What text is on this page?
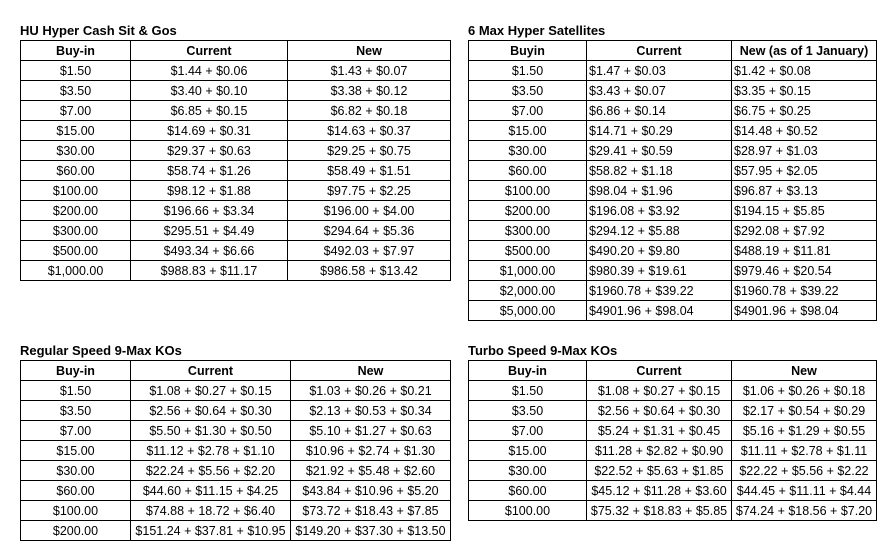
HU Hyper Cash Sit & Gos
Buy-in	Current	New
$1.50	$1.44 + $0.06	$1.43 + $0.07
$3.50	$3.40 + $0.10	$3.38 + $0.12
$7.00	$6.85 + $0.15	$6.82 + $0.18
$15.00	$14.69 + $0.31	$14.63 + $0.37
$30.00	$29.37 + $0.63	$29.25 + $0.75
$60.00	$58.74 + $1.26	$58.49 + $1.51
$100.00	$98.12 + $1.88	$97.75 + $2.25
$200.00	$196.66 + $3.34	$196.00 + $4.00
$300.00	$295.51 + $4.49	$294.64 + $5.36
$500.00	$493.34 + $6.66	$492.03 + $7.97
$1,000.00	$988.83 + $11.17	$986.58 + $13.42
6 Max Hyper Satellites
Buyin	Current	New (as of 1 January)
$1.50	$1.47 + $0.03	$1.42 + $0.08
$3.50	$3.43 + $0.07	$3.35 + $0.15
$7.00	$6.86 + $0.14	$6.75 + $0.25
$15.00	$14.71 + $0.29	$14.48 + $0.52
$30.00	$29.41 + $0.59	$28.97 + $1.03
$60.00	$58.82 + $1.18	$57.95 + $2.05
$100.00	$98.04 + $1.96	$96.87 + $3.13
$200.00	$196.08 + $3.92	$194.15 + $5.85
$300.00	$294.12 + $5.88	$292.08 + $7.92
$500.00	$490.20 + $9.80	$488.19 + $11.81
$1,000.00	$980.39 + $19.61	$979.46 + $20.54
$2,000.00	$1960.78 + $39.22	$1960.78 + $39.22
$5,000.00	$4901.96 + $98.04	$4901.96 + $98.04
Regular Speed 9-Max KOs
Buy-in	Current	New
$1.50	$1.08 + $0.27 + $0.15	$1.03 + $0.26 + $0.21
$3.50	$2.56 + $0.64 + $0.30	$2.13 + $0.53 + $0.34
$7.00	$5.50 + $1.30 + $0.50	$5.10 + $1.27 + $0.63
$15.00	$11.12 + $2.78 + $1.10	$10.96 + $2.74 + $1.30
$30.00	$22.24 + $5.56 + $2.20	$21.92 + $5.48 + $2.60
$60.00	$44.60 + $11.15 + $4.25	$43.84 + $10.96 + $5.20
$100.00	$74.88 + 18.72 + $6.40	$73.72 + $18.43 + $7.85
$200.00	$151.24 + $37.81 + $10.95	$149.20 + $37.30 + $13.50
Turbo Speed 9-Max KOs
Buy-in	Current	New
$1.50	$1.08 + $0.27 + $0.15	$1.06 + $0.26 + $0.18
$3.50	$2.56 + $0.64 + $0.30	$2.17 + $0.54 + $0.29
$7.00	$5.24 + $1.31 + $0.45	$5.16 + $1.29 + $0.55
$15.00	$11.28 + $2.82 + $0.90	$11.11 + $2.78 + $1.11
$30.00	$22.52 + $5.63 + $1.85	$22.22 + $5.56 + $2.22
$60.00	$45.12 + $11.28 + $3.60	$44.45 + $11.11 + $4.44
$100.00	$75.32 + $18.83 + $5.85	$74.24 + $18.56 + $7.20
